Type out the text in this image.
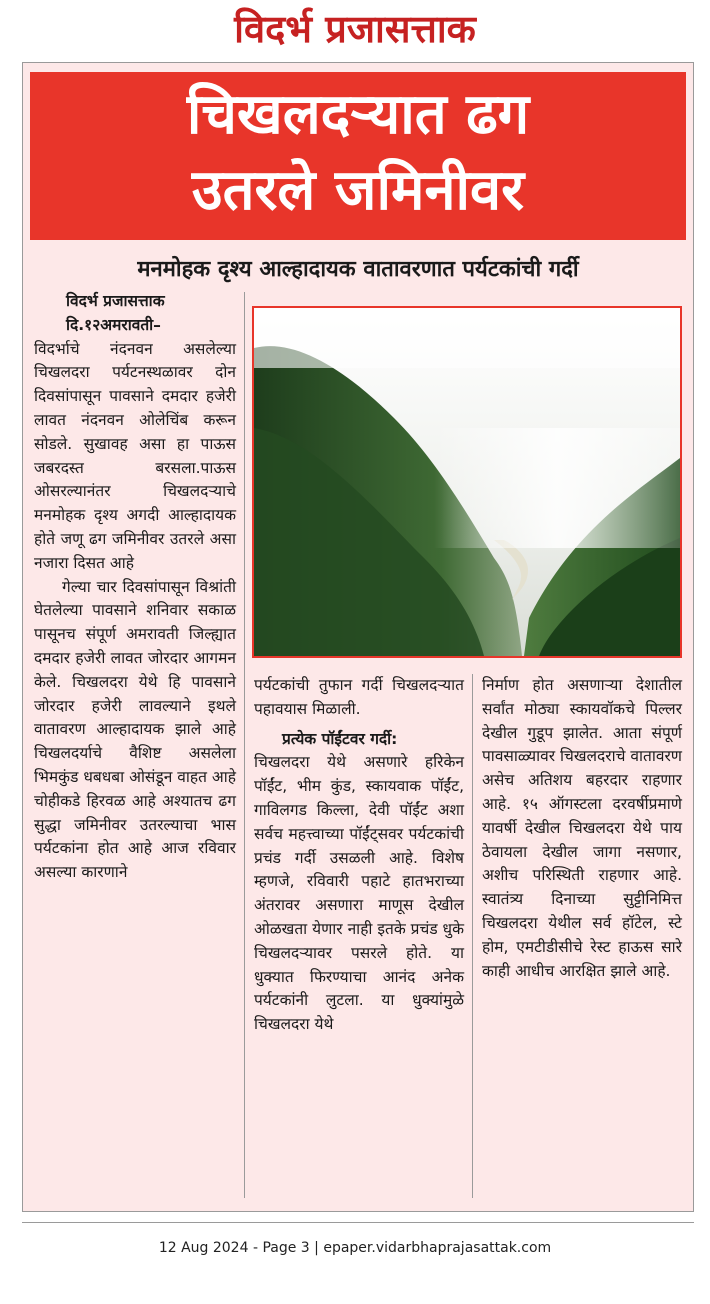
विदर्भ प्रजासत्ताक
चिखलदऱ्यात ढग
उतरले जमिनीवर
मनमोहक दृश्य आल्हादायक वातावरणात पर्यटकांची गर्दी
विदर्भ प्रजासत्ताक
दि.१२अमरावती–
विदर्भाचे नंदनवन असलेल्या चिखलदरा पर्यटनस्थळावर दोन दिवसांपासून पावसाने दमदार हजेरी लावत नंदनवन ओलेचिंब करून सोडले. सुखावह असा हा पाऊस जबरदस्त बरसला.पाऊस ओसरल्यानंतर चिखलदऱ्याचे मनमोहक दृश्य अगदी आल्हादायक होते जणू ढग जमिनीवर उतरले असा नजारा दिसत आहे
गेल्या चार दिवसांपासून विश्रांती घेतलेल्या पावसाने शनिवार सकाळ पासूनच संपूर्ण अमरावती जिल्ह्यात दमदार हजेरी लावत जोरदार आगमन केले. चिखलदरा येथे हि पावसाने जोरदार हजेरी लावल्याने इथले वातावरण आल्हादायक झाले आहे चिखलदर्याचे वैशिष्ट असलेला भिमकुंड धबधबा ओसंडून वाहत आहे चोहीकडे हिरवळ आहे अश्यातच ढग सुद्धा जमिनीवर उतरल्याचा भास पर्यटकांना होत आहे आज रविवार असल्या कारणाने
पर्यटकांची तुफान गर्दी चिखलदऱ्यात पहावयास मिळाली.
प्रत्येक पॉईंटवर गर्दी:
चिखलदरा येथे असणारे हरिकेन पॉईंट, भीम कुंड, स्कायवाक पॉईंट, गाविलगड किल्ला, देवी पॉईंट अशा सर्वच महत्त्वाच्या पॉईंट्सवर पर्यटकांची प्रचंड गर्दी उसळली आहे. विशेष म्हणजे, रविवारी पहाटे हातभराच्या अंतरावर असणारा माणूस देखील ओळखता येणार नाही इतके प्रचंड धुके चिखलदऱ्यावर पसरले होते. या धुक्यात फिरण्याचा आनंद अनेक पर्यटकांनी लुटला. या धुक्यांमुळे चिखलदरा येथे
निर्माण होत असणाऱ्या देशातील सर्वांत मोठ्या स्कायवॉकचे पिल्लर देखील गुडूप झालेत. आता संपूर्ण पावसाळ्यावर चिखलदराचे वातावरण असेच अतिशय बहरदार राहणार आहे. १५ ऑगस्टला दरवर्षीप्रमाणे यावर्षी देखील चिखलदरा येथे पाय ठेवायला देखील जागा नसणार, अशीच परिस्थिती राहणार आहे. स्वातंत्र्य दिनाच्या सुट्टीनिमित्त चिखलदरा येथील सर्व हॉटेल, स्टे होम, एमटीडीसीचे रेस्ट हाऊस सारे काही आधीच आरक्षित झाले आहे.
12 Aug 2024 - Page 3 | epaper.vidarbhaprajasattak.com
